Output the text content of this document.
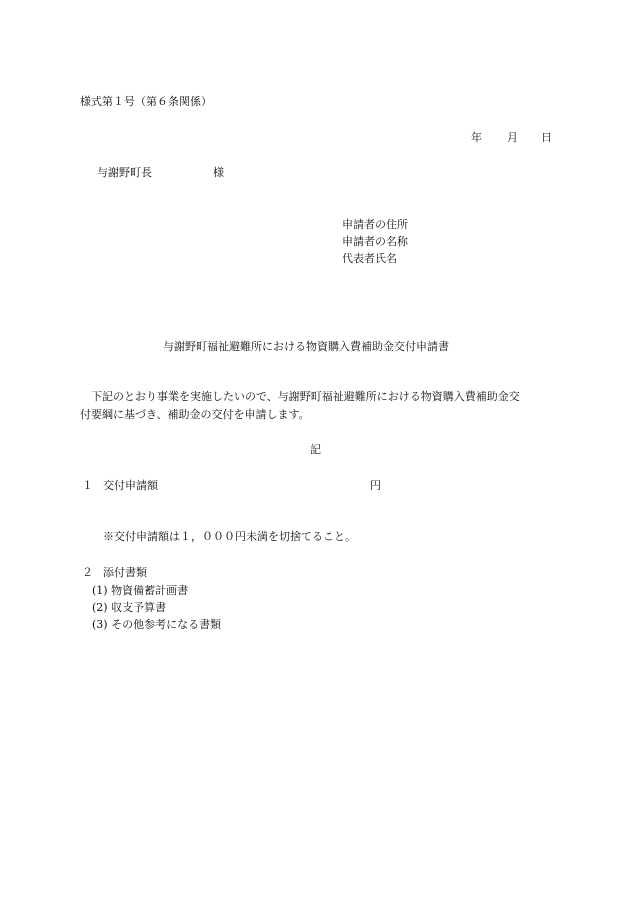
様式第１号（第６条関係）
年 月 日
与謝野町長	様
申請者の住所
申請者の名称
代表者氏名
与謝野町福祉避難所における物資購入費補助金交付申請書
下記のとおり事業を実施したいので、与謝野町福祉避難所における物資購入費補助金交
付要綱に基づき、補助金の交付を申請します。
記
１ 交付申請額	円
※交付申請額は１，０００円未満を切捨てること。
２ 添付書類
(1) 物資備蓄計画書
(2) 収支予算書
(3) その他参考になる書類
